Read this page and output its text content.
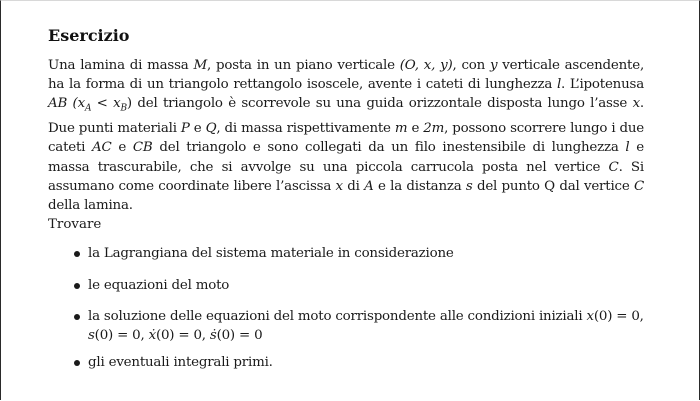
Esercizio

Una lamina di massa M, posta in un piano verticale (O, x, y), con y verticale ascendente, ha la forma di un triangolo rettangolo isoscele, avente i cateti di lunghezza l. L’ipotenusa AB $(x_A < x_B)$ del triangolo è scorrevole su una guida orizzontale disposta lungo l’asse x. Due punti materiali P e Q, di massa rispettivamente m e 2m, possono scorrere lungo i due cateti AC e CB del triangolo e sono collegati da un filo inestensibile di lunghezza l e massa trascurabile, che si avvolge su una piccola carrucola posta nel vertice C. Si assumano come coordinate libere l’ascissa x di A e la distanza s del punto Q dal vertice C della lamina.

Trovare

la Lagrangiana del sistema materiale in considerazione
le equazioni del moto
la soluzione delle equazioni del moto corrispondente alle condizioni iniziali x(0) = 0, s(0) = 0, ẋ(0) = 0, ṡ(0) = 0
gli eventuali integrali primi.
